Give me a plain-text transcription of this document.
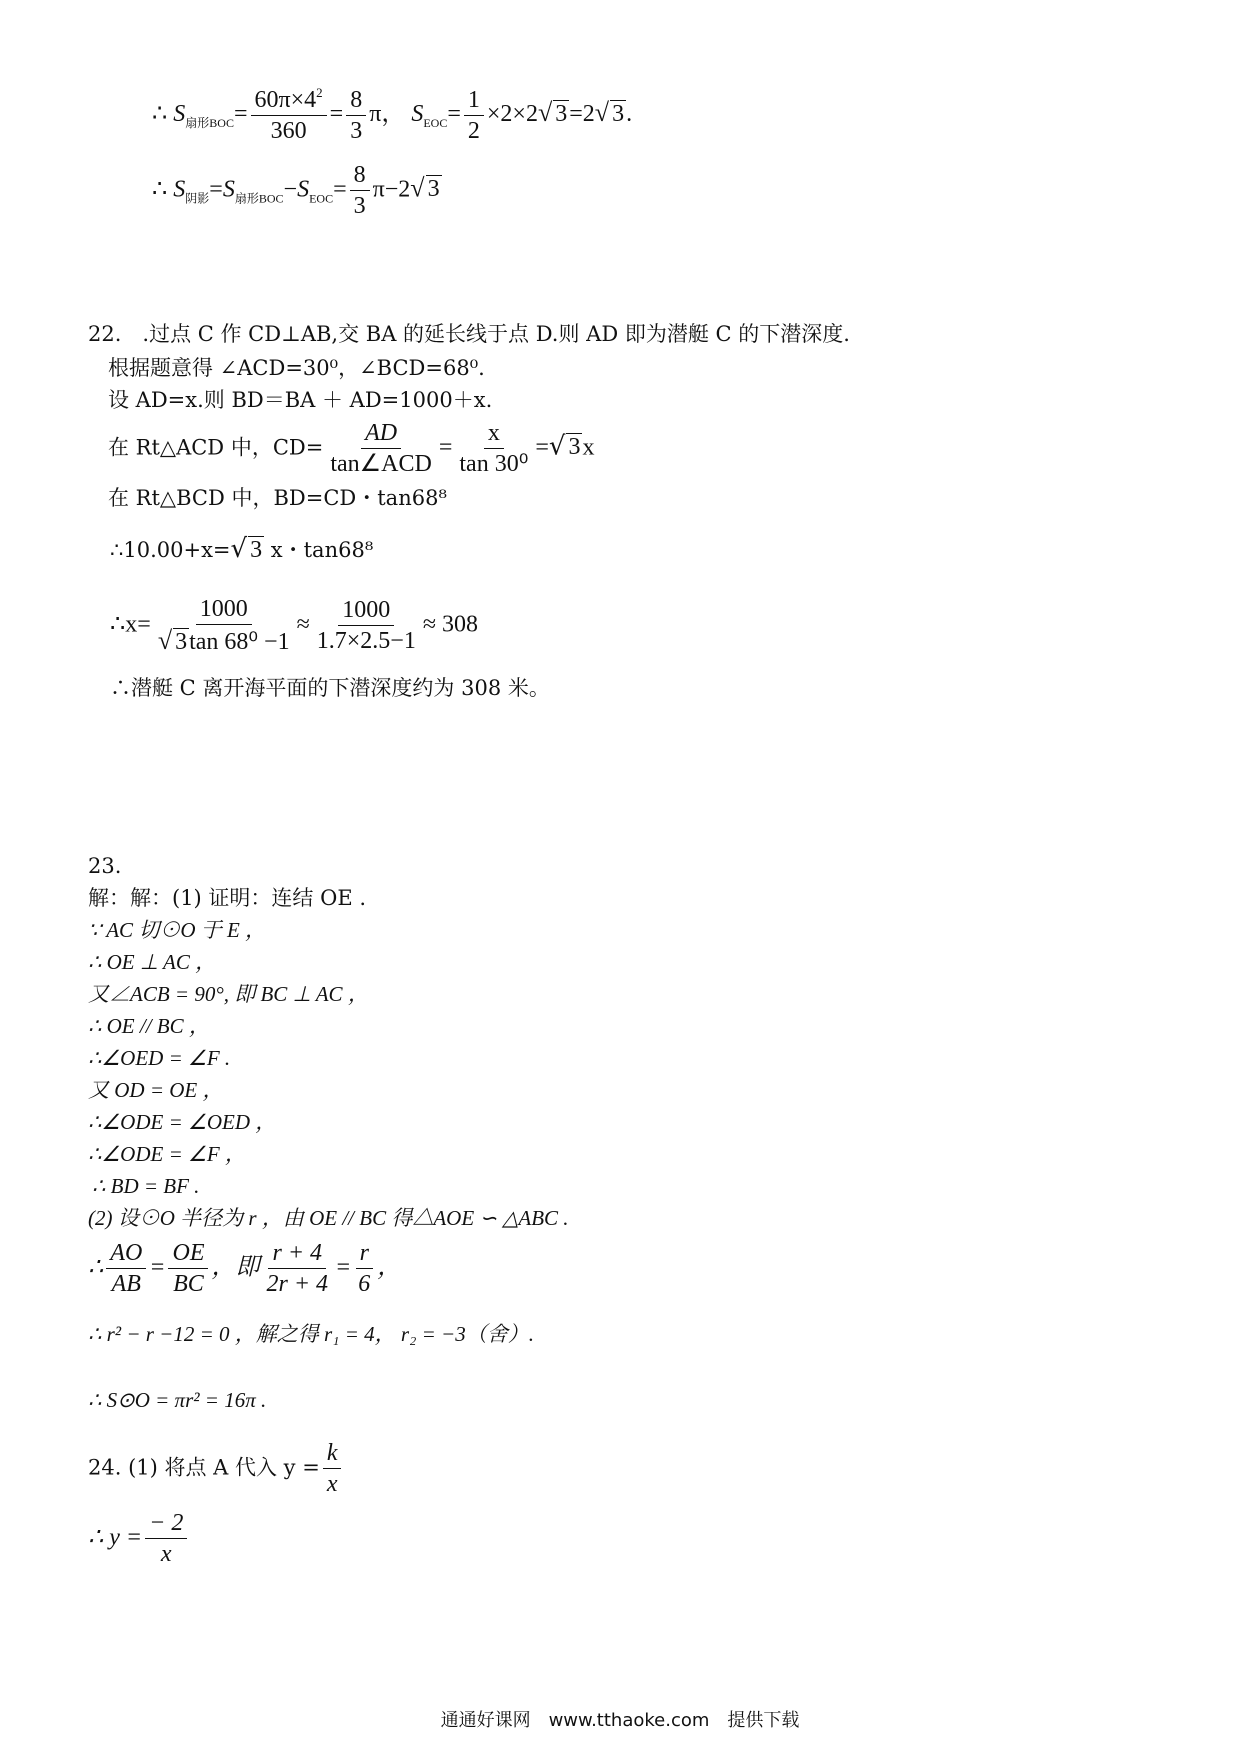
∴ $S_{扇形BOC}= \frac{60\pi\times 4^2}{360} = \frac{8}{3}$ π， $S_{EOC}= \frac{1}{2} \times 2\times 2√$ 3=2√ 3.
∴ $S_{阴影}=S_{扇形BOC}-S_{EOC}= \frac{8}{3} \pi-2√$ 3
22.　.过点 C 作 CD⊥AB,交 BA 的延长线于点 D.则 AD 即为潜艇 C 的下潜深度.
根据题意得 ∠ACD=30⁰，∠BCD=68⁰.
设 AD=x.则 BD＝BA ＋ AD=1000＋x.
在 Rt△ACD 中，$CD= \frac{AD}{\text{tan∠ACD}} = \frac{x}{\text{tan 30⁰}}$ =√ 3x
在 Rt△BCD 中，BD=CD・tan68⁸
∴10.00+x=√ 3 x・tan68⁸
∴x= $\frac{1000}{\text{√ 3tan 68⁰ −1}} \approx \frac{1000}{1.7\times 2.5-1} \approx 308$
∴潜艇 C 离开海平面的下潜深度约为 308 米。
23.
解：解：(1) 证明：连结 OE .
∵ AC 切⊙O 于 E ，
∴ OE ⊥ AC ，
又∠ACB = 90°, 即 BC ⊥ AC ，
∴ OE // BC ，
∴∠OED = ∠F .
又 OD = OE ，
∴∠ODE = ∠OED ，
∴∠ODE = ∠F ，
∴ BD = BF .
(2) 设⊙O 半径为 r ，由 OE // BC 得△AOE ∽ △ABC .
∴ $\frac{AO}{AB} = \frac{OE}{BC}$ ，即 $\frac{r + 4}{2r + 4} = \frac{r}{6}$ ，
∴ r² − r −12 = 0 ，解之得 r₁ = 4， r₂ = −3（舍）.
∴ S⊙O = πr² = 16π .
24. (1) 将点 A 代入 $y = \frac{k}{x}$
∴ $y = \frac{- 2}{x}$
通通好课网　www.tthaoke.com　提供下载
